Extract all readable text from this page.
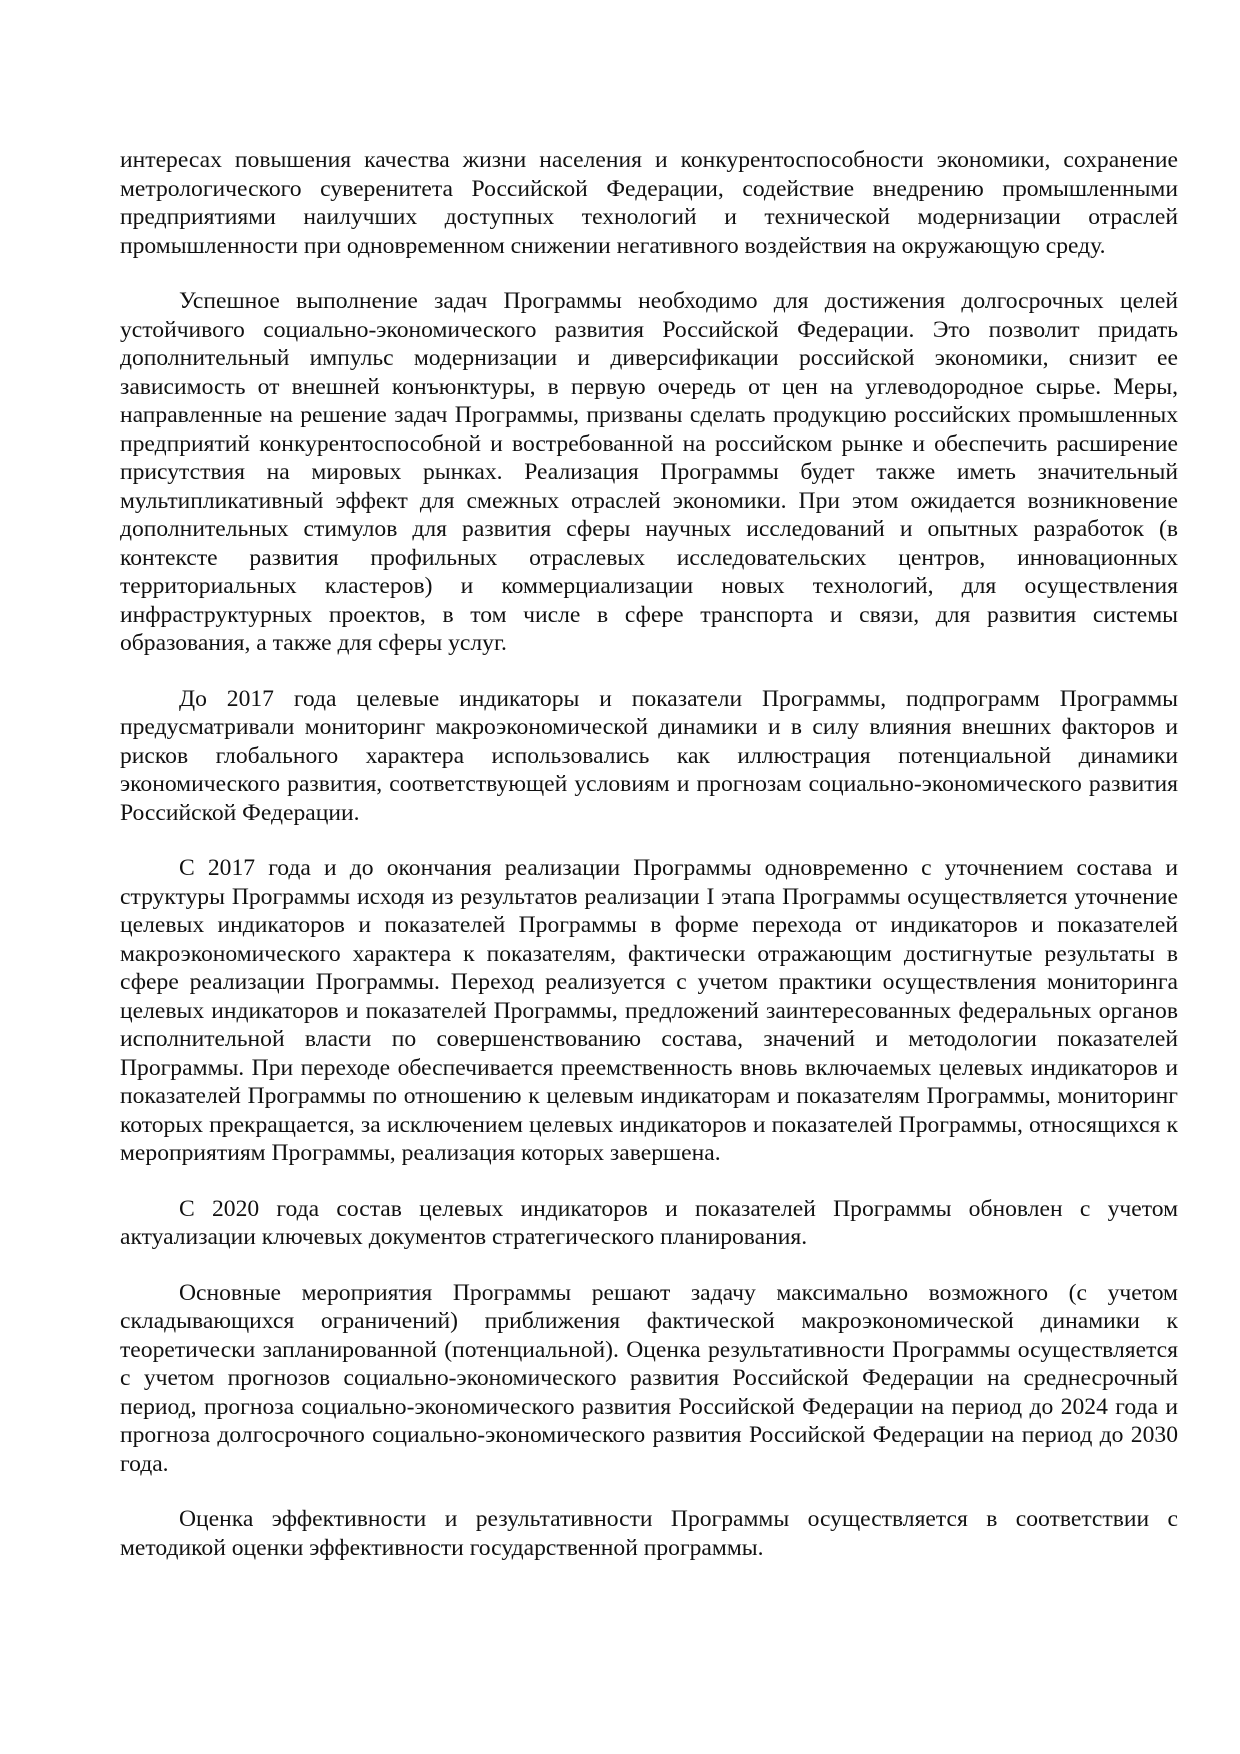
интересах повышения качества жизни населения и конкурентоспособности экономики, сохранение метрологического суверенитета Российской Федерации, содействие внедрению промышленными предприятиями наилучших доступных технологий и технической модернизации отраслей промышленности при одновременном снижении негативного воздействия на окружающую среду.

Успешное выполнение задач Программы необходимо для достижения долгосрочных целей устойчивого социально-экономического развития Российской Федерации. Это позволит придать дополнительный импульс модернизации и диверсификации российской экономики, снизит ее зависимость от внешней конъюнктуры, в первую очередь от цен на углеводородное сырье. Меры, направленные на решение задач Программы, призваны сделать продукцию российских промышленных предприятий конкурентоспособной и востребованной на российском рынке и обеспечить расширение присутствия на мировых рынках. Реализация Программы будет также иметь значительный мультипликативный эффект для смежных отраслей экономики. При этом ожидается возникновение дополнительных стимулов для развития сферы научных исследований и опытных разработок (в контексте развития профильных отраслевых исследовательских центров, инновационных территориальных кластеров) и коммерциализации новых технологий, для осуществления инфраструктурных проектов, в том числе в сфере транспорта и связи, для развития системы образования, а также для сферы услуг.

До 2017 года целевые индикаторы и показатели Программы, подпрограмм Программы предусматривали мониторинг макроэкономической динамики и в силу влияния внешних факторов и рисков глобального характера использовались как иллюстрация потенциальной динамики экономического развития, соответствующей условиям и прогнозам социально-экономического развития Российской Федерации.

С 2017 года и до окончания реализации Программы одновременно с уточнением состава и структуры Программы исходя из результатов реализации I этапа Программы осуществляется уточнение целевых индикаторов и показателей Программы в форме перехода от индикаторов и показателей макроэкономического характера к показателям, фактически отражающим достигнутые результаты в сфере реализации Программы. Переход реализуется с учетом практики осуществления мониторинга целевых индикаторов и показателей Программы, предложений заинтересованных федеральных органов исполнительной власти по совершенствованию состава, значений и методологии показателей Программы. При переходе обеспечивается преемственность вновь включаемых целевых индикаторов и показателей Программы по отношению к целевым индикаторам и показателям Программы, мониторинг которых прекращается, за исключением целевых индикаторов и показателей Программы, относящихся к мероприятиям Программы, реализация которых завершена.

С 2020 года состав целевых индикаторов и показателей Программы обновлен с учетом актуализации ключевых документов стратегического планирования.

Основные мероприятия Программы решают задачу максимально возможного (с учетом складывающихся ограничений) приближения фактической макроэкономической динамики к теоретически запланированной (потенциальной). Оценка результативности Программы осуществляется с учетом прогнозов социально-экономического развития Российской Федерации на среднесрочный период, прогноза социально-экономического развития Российской Федерации на период до 2024 года и прогноза долгосрочного социально-экономического развития Российской Федерации на период до 2030 года.

Оценка эффективности и результативности Программы осуществляется в соответствии с методикой оценки эффективности государственной программы.
